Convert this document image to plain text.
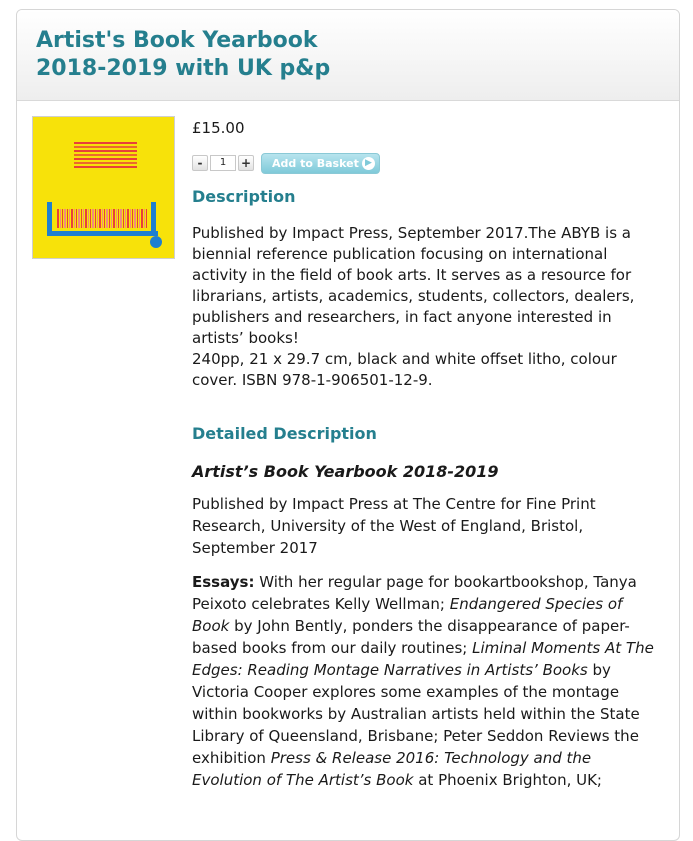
Artist's Book Yearbook
2018-2019 with UK p&p
£15.00
-	1	+ Add to Basket ▶
Description

Published by Impact Press, September 2017.The ABYB is a biennial reference publication focusing on international activity in the field of book arts. It serves as a resource for librarians, artists, academics, students, collectors, dealers, publishers and researchers, in fact anyone interested in artists’ books!

240pp, 21 x 29.7 cm, black and white offset litho, colour cover. ISBN 978-1-906501-12-9.

Detailed Description
Artist’s Book Yearbook 2018-2019
Published by Impact Press at The Centre for Fine Print Research, University of the West of England, Bristol, September 2017
Essays: With her regular page for bookartbookshop, Tanya Peixoto celebrates Kelly Wellman; Endangered Species of Book by John Bently, ponders the disappearance of paper-based books from our daily routines; Liminal Moments At The Edges: Reading Montage Narratives in Artists’ Books by Victoria Cooper explores some examples of the montage within bookworks by Australian artists held within the State Library of Queensland, Brisbane; Peter Seddon Reviews the exhibition Press & Release 2016: Technology and the Evolution of The Artist’s Book at Phoenix Brighton, UK;
